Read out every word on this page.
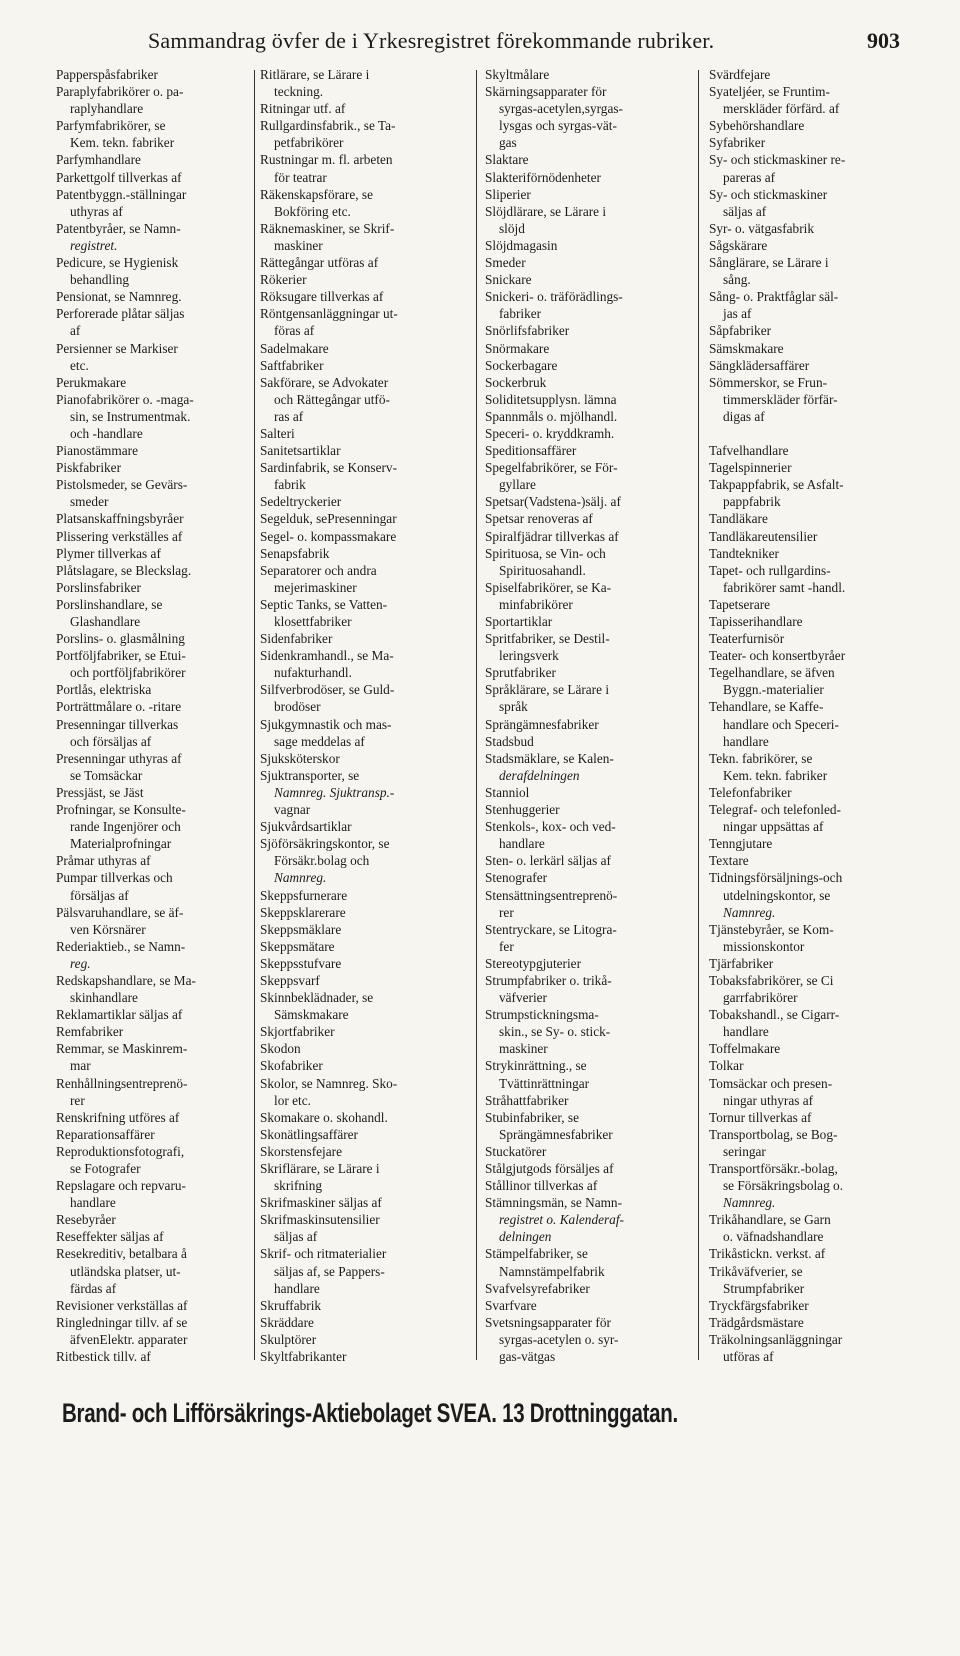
Sammandrag övfer de i Yrkesregistret förekommande rubriker.	903
Papperspåsfabriker
Paraplyfabrikörer o. pa-
raplyhandlare
Parfymfabrikörer, se
Kem. tekn. fabriker
Parfymhandlare
Parkettgolf tillverkas af
Patentbyggn.-ställningar
uthyras af
Patentbyråer, se Namn-
registret.
Pedicure, se Hygienisk
behandling
Pensionat, se Namnreg.
Perforerade plåtar säljas
af
Persienner se Markiser
etc.
Perukmakare
Pianofabrikörer o. -maga-
sin, se Instrumentmak.
och -handlare
Pianostämmare
Piskfabriker
Pistolsmeder, se Gevärs-
smeder
Platsanskaffningsbyråer
Plissering verkställes af
Plymer tillverkas af
Plåtslagare, se Bleckslag.
Porslinsfabriker
Porslinshandlare, se
Glashandlare
Porslins- o. glasmålning
Portföljfabriker, se Etui-
och portföljfabrikörer
Portlås, elektriska
Porträttmålare o. -ritare
Presenningar tillverkas
och försäljas af
Presenningar uthyras af
se Tomsäckar
Pressjäst, se Jäst
Profningar, se Konsulte-
rande Ingenjörer och
Materialprofningar
Pråmar uthyras af
Pumpar tillverkas och
försäljas af
Pälsvaruhandlare, se äf-
ven Körsnärer
Rederiaktieb., se Namn-
reg.
Redskapshandlare, se Ma-
skinhandlare
Reklamartiklar säljas af
Remfabriker
Remmar, se Maskinrem-
mar
Renhållningsentreprenö-
rer
Renskrifning utföres af
Reparationsaffärer
Reproduktionsfotografi,
se Fotografer
Repslagare och repvaru-
handlare
Resebyråer
Reseffekter säljas af
Resekreditiv, betalbara å
utländska platser, ut-
färdas af
Revisioner verkställas af
Ringledningar tillv. af se
äfvenElektr. apparater
Ritbestick tillv. af
Ritlärare, se Lärare i
teckning.
Ritningar utf. af
Rullgardinsfabrik., se Ta-
petfabrikörer
Rustningar m. fl. arbeten
för teatrar
Räkenskapsförare, se
Bokföring etc.
Räknemaskiner, se Skrif-
maskiner
Rättegångar utföras af
Rökerier
Röksugare tillverkas af
Röntgensanläggningar ut-
föras af
Sadelmakare
Saftfabriker
Sakförare, se Advokater
och Rättegångar utfö-
ras af
Salteri
Sanitetsartiklar
Sardinfabrik, se Konserv-
fabrik
Sedeltryckerier
Segelduk, sePresenningar
Segel- o. kompassmakare
Senapsfabrik
Separatorer och andra
mejerimaskiner
Septic Tanks, se Vatten-
klosettfabriker
Sidenfabriker
Sidenkramhandl., se Ma-
nufakturhandl.
Silfverbrodöser, se Guld-
brodöser
Sjukgymnastik och mas-
sage meddelas af
Sjuksköterskor
Sjuktransporter, se
Namnreg. Sjuktransp.-
vagnar
Sjukvårdsartiklar
Sjöförsäkringskontor, se
Försäkr.bolag och
Namnreg.
Skeppsfurnerare
Skeppsklarerare
Skeppsmäklare
Skeppsmätare
Skeppsstufvare
Skeppsvarf
Skinnbeklädnader, se
Sämskmakare
Skjortfabriker
Skodon
Skofabriker
Skolor, se Namnreg. Sko-
lor etc.
Skomakare o. skohandl.
Skonätlingsaffärer
Skorstensfejare
Skriflärare, se Lärare i
skrifning
Skrifmaskiner säljas af
Skrifmaskinsutensilier
säljas af
Skrif- och ritmaterialier
säljas af, se Pappers-
handlare
Skruffabrik
Skräddare
Skulptörer
Skyltfabrikanter
Skyltmålare
Skärningsapparater för
syrgas-acetylen,syrgas-
lysgas och syrgas-vät-
gas
Slaktare
Slakteriförnödenheter
Sliperier
Slöjdlärare, se Lärare i
slöjd
Slöjdmagasin
Smeder
Snickare
Snickeri- o. träförädlings-
fabriker
Snörlifsfabriker
Snörmakare
Sockerbagare
Sockerbruk
Soliditetsupplysn. lämna
Spannmåls o. mjölhandl.
Speceri- o. kryddkramh.
Speditionsaffärer
Spegelfabrikörer, se För-
gyllare
Spetsar(Vadstena-)sälj. af
Spetsar renoveras af
Spiralfjädrar tillverkas af
Spirituosa, se Vin- och
Spirituosahandl.
Spiselfabrikörer, se Ka-
minfabrikörer
Sportartiklar
Spritfabriker, se Destil-
leringsverk
Sprutfabriker
Språklärare, se Lärare i
språk
Sprängämnesfabriker
Stadsbud
Stadsmäklare, se Kalen-
derafdelningen
Stanniol
Stenhuggerier
Stenkols-, kox- och ved-
handlare
Sten- o. lerkärl säljas af
Stenografer
Stensättningsentreprenö-
rer
Stentryckare, se Litogra-
fer
Stereotypgjuterier
Strumpfabriker o. trikå-
väfverier
Strumpstickningsma-
skin., se Sy- o. stick-
maskiner
Strykinrättning., se
Tvättinrättningar
Stråhattfabriker
Stubinfabriker, se
Sprängämnesfabriker
Stuckatörer
Stålgjutgods försäljes af
Stållinor tillverkas af
Stämningsmän, se Namn-
registret o. Kalenderaf-
delningen
Stämpelfabriker, se
Namnstämpelfabrik
Svafvelsyrefabriker
Svarfvare
Svetsningsapparater för
syrgas-acetylen o. syr-
gas-vätgas
Svärdfejare
Syateljéer, se Fruntim-
merskläder förfärd. af
Sybehörshandlare
Syfabriker
Sy- och stickmaskiner re-
pareras af
Sy- och stickmaskiner
säljas af
Syr- o. vätgasfabrik
Sågskärare
Sånglärare, se Lärare i
sång.
Sång- o. Praktfåglar säl-
jas af
Såpfabriker
Sämskmakare
Sängklädersaffärer
Sömmerskor, se Frun-
timmerskläder förfär-
digas af

Tafvelhandlare
Tagelspinnerier
Takpappfabrik, se Asfalt-
pappfabrik
Tandläkare
Tandläkareutensilier
Tandtekniker
Tapet- och rullgardins-
fabrikörer samt -handl.
Tapetserare
Tapisserihandlare
Teaterfurnisör
Teater- och konsertbyråer
Tegelhandlare, se äfven
Byggn.-materialier
Tehandlare, se Kaffe-
handlare och Speceri-
handlare
Tekn. fabrikörer, se
Kem. tekn. fabriker
Telefonfabriker
Telegraf- och telefonled-
ningar uppsättas af
Tenngjutare
Textare
Tidningsförsäljnings-och
utdelningskontor, se
Namnreg.
Tjänstebyråer, se Kom-
missionskontor
Tjärfabriker
Tobaksfabrikörer, se Ci
garrfabrikörer
Tobakshandl., se Cigarr-
handlare
Toffelmakare
Tolkar
Tomsäckar och presen-
ningar uthyras af
Tornur tillverkas af
Transportbolag, se Bog-
seringar
Transportförsäkr.-bolag,
se Försäkringsbolag o.
Namnreg.
Trikåhandlare, se Garn
o. väfnadshandlare
Trikåstickn. verkst. af
Trikåväfverier, se
Strumpfabriker
Tryckfärgsfabriker
Trädgårdsmästare
Träkolningsanläggningar
utföras af
Brand- och Lifförsäkrings-Aktiebolaget SVEA. 13 Drottninggatan.
